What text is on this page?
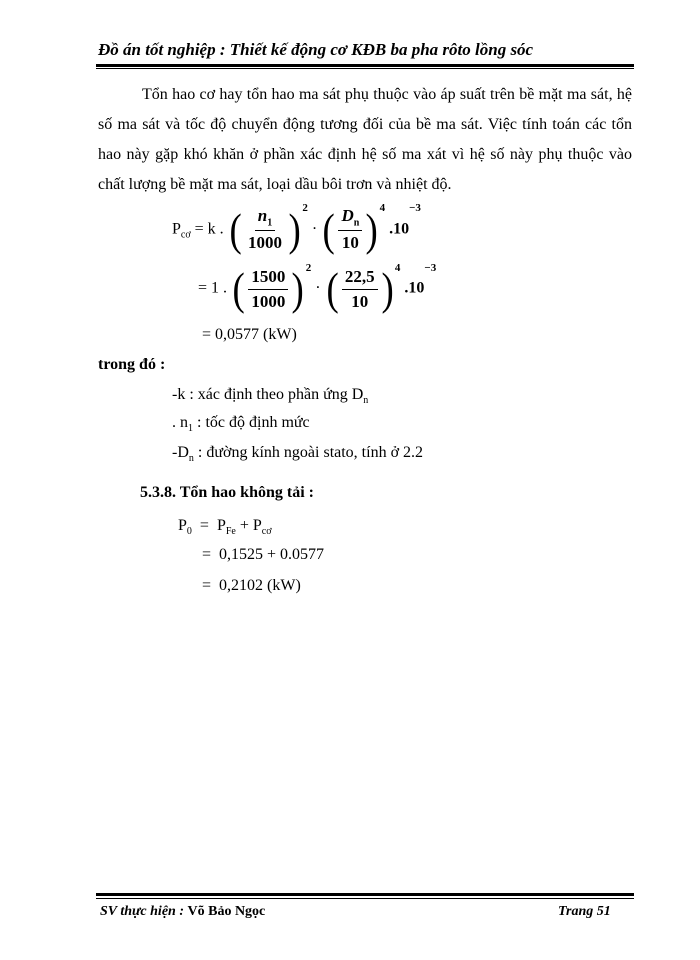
Đồ án tốt nghiệp : Thiết kế động cơ KĐB ba pha rôto lồng sóc
Tổn hao cơ hay tổn hao ma sát phụ thuộc vào áp suất trên bề mặt ma sát, hệ số ma sát và tốc độ chuyển động tương đối của bề ma sát. Việc tính toán các tổn hao này gặp khó khăn ở phần xác định hệ số ma xát vì hệ số này phụ thuộc vào chất lượng bề mặt ma sát, loại dầu bôi trơn và nhiệt độ.
$P_{cơ} = k$ . ( $\frac{n_1}{1000}$ ) $^2$ · ( $\frac{D_n}{10}$ ) $^4$ $.10^{-3}$
= 1 . ( $\frac{1500}{1000}$ ) $^2$ · ( $\frac{22,5}{10}$ ) $^4$ $.10^{-3}$
= 0,0577 (kW)
trong đó :
-k : xác định theo phần ứng $D_n$
. $n_1$ : tốc độ định mức
$-D_n$ : đường kính ngoài stato, tính ở 2.2
5.3.8. Tổn hao không tải :
$P_0 = P_{Fe} + P_{cơ}$
=  0,1525 + 0.0577
=  0,2102 (kW)
SV thực hiện : Võ Bảo Ngọc	Trang 51
